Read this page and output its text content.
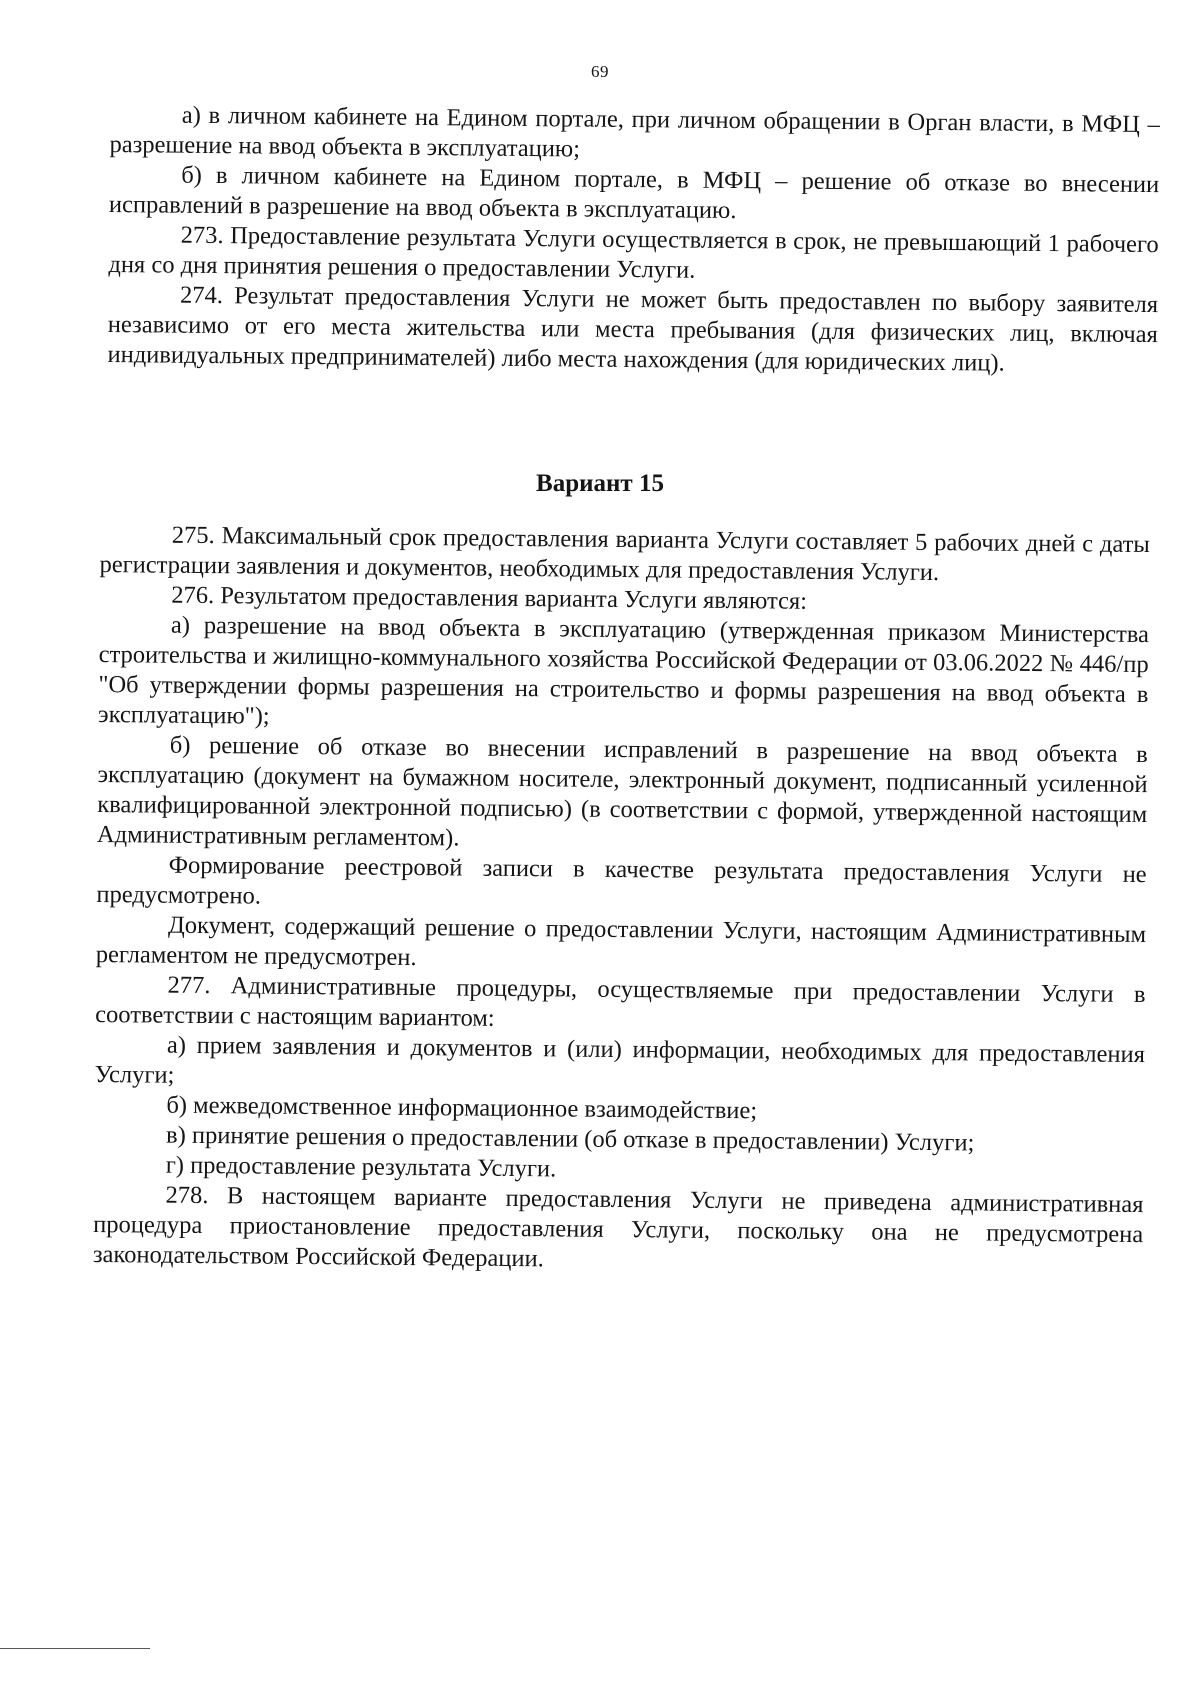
69

а) в личном кабинете на Едином портале, при личном обращении в Орган власти, в МФЦ – разрешение на ввод объекта в эксплуатацию;

б) в личном кабинете на Едином портале, в МФЦ – решение об отказе во внесении исправлений в разрешение на ввод объекта в эксплуатацию.

273. Предоставление результата Услуги осуществляется в срок, не превышающий 1 рабочего дня со дня принятия решения о предоставлении Услуги.

274. Результат предоставления Услуги не может быть предоставлен по выбору заявителя независимо от его места жительства или места пребывания (для физических лиц, включая индивидуальных предпринимателей) либо места нахождения (для юридических лиц).

Вариант 15

275. Максимальный срок предоставления варианта Услуги составляет 5 рабочих дней с даты регистрации заявления и документов, необходимых для предоставления Услуги.

276. Результатом предоставления варианта Услуги являются:

а) разрешение на ввод объекта в эксплуатацию (утвержденная приказом Министерства строительства и жилищно-коммунального хозяйства Российской Федерации от 03.06.2022 № 446/пр "Об утверждении формы разрешения на строительство и формы разрешения на ввод объекта в эксплуатацию");

б) решение об отказе во внесении исправлений в разрешение на ввод объекта в эксплуатацию (документ на бумажном носителе, электронный документ, подписанный усиленной квалифицированной электронной подписью) (в соответствии с формой, утвержденной настоящим Административным регламентом).

Формирование реестровой записи в качестве результата предоставления Услуги не предусмотрено.

Документ, содержащий решение о предоставлении Услуги, настоящим Административным регламентом не предусмотрен.

277. Административные процедуры, осуществляемые при предоставлении Услуги в соответствии с настоящим вариантом:

а) прием заявления и документов и (или) информации, необходимых для предоставления Услуги;

б) межведомственное информационное взаимодействие;

в) принятие решения о предоставлении (об отказе в предоставлении) Услуги;

г) предоставление результата Услуги.

278. В настоящем варианте предоставления Услуги не приведена административная процедура приостановление предоставления Услуги, поскольку она не предусмотрена законодательством Российской Федерации.
